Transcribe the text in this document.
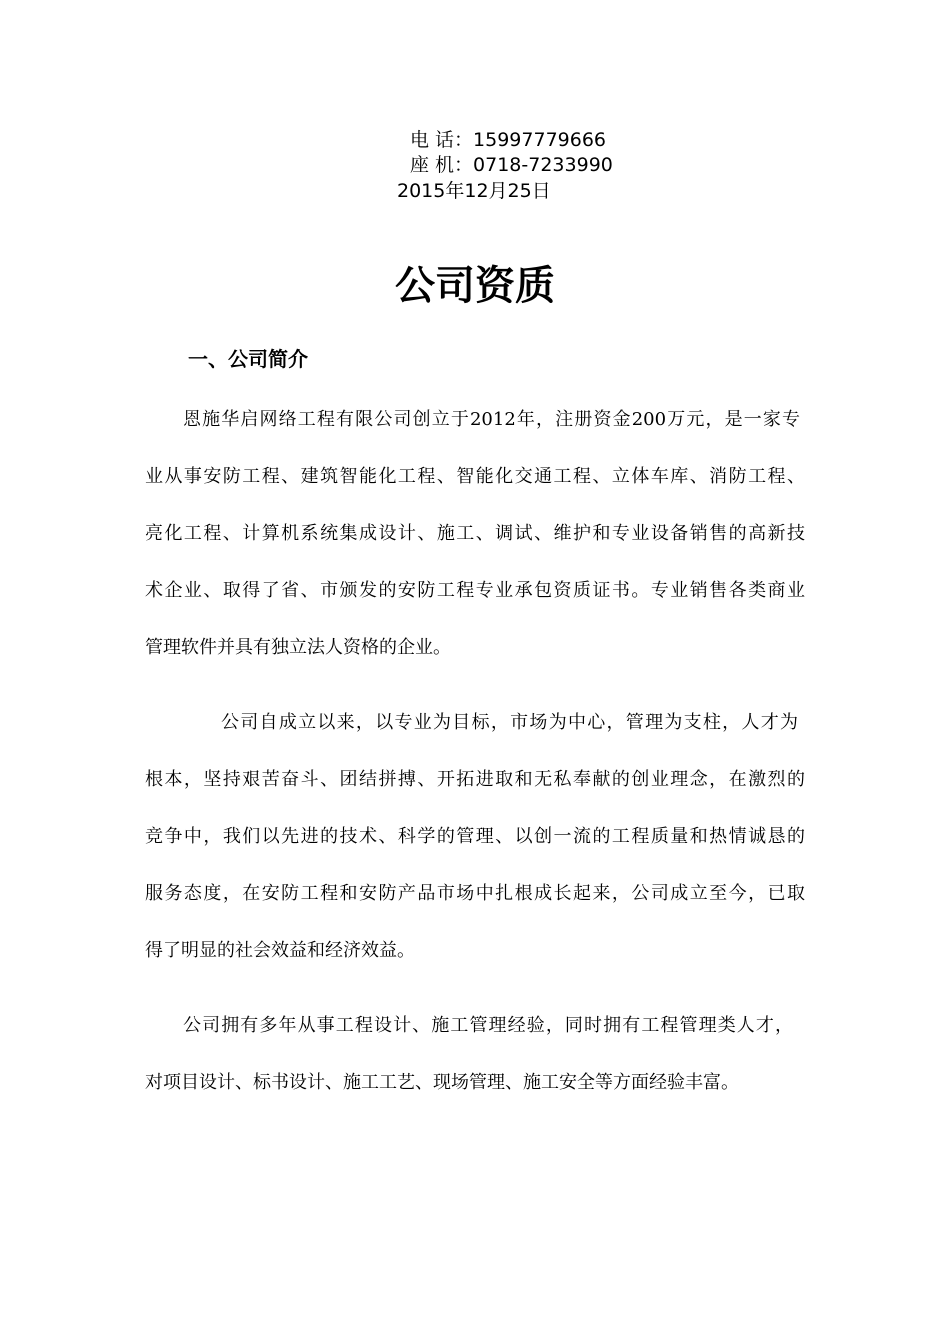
电 话：15997779666
座 机：0718-7233990
2015年12月25日
公司资质
一、公司简介
恩施华启网络工程有限公司创立于2012年，注册资金200万元，是一家专
业从事安防工程、建筑智能化工程、智能化交通工程、立体车库、消防工程、
亮化工程、计算机系统集成设计、施工、调试、维护和专业设备销售的高新技
术企业、取得了省、市颁发的安防工程专业承包资质证书。专业销售各类商业
管理软件并具有独立法人资格的企业。
公司自成立以来，以专业为目标，市场为中心，管理为支柱，人才为
根本，坚持艰苦奋斗、团结拼搏、开拓进取和无私奉献的创业理念，在激烈的
竞争中，我们以先进的技术、科学的管理、以创一流的工程质量和热情诚恳的
服务态度，在安防工程和安防产品市场中扎根成长起来，公司成立至今，已取
得了明显的社会效益和经济效益。
公司拥有多年从事工程设计、施工管理经验，同时拥有工程管理类人才，
对项目设计、标书设计、施工工艺、现场管理、施工安全等方面经验丰富。
